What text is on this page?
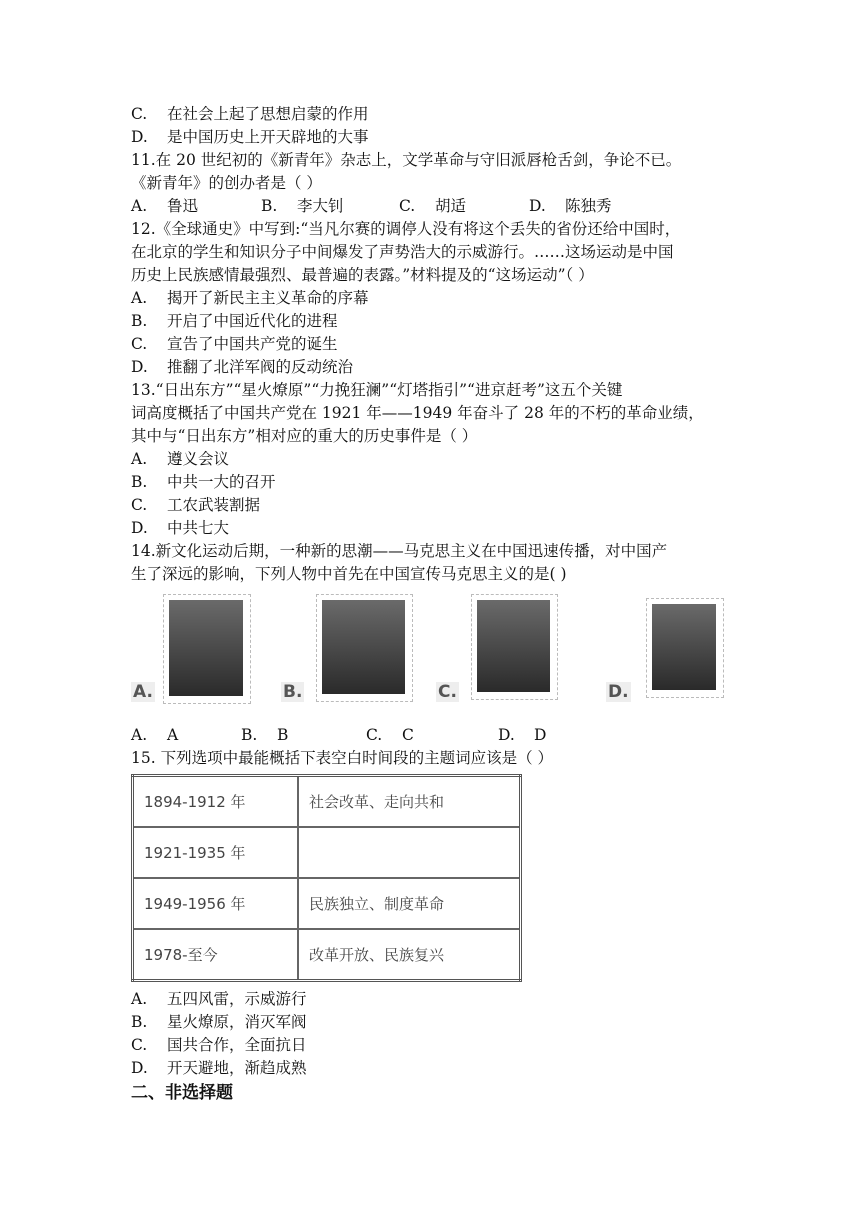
C.	在社会上起了思想启蒙的作用
D.	是中国历史上开天辟地的大事
11.在 20 世纪初的《新青年》杂志上，文学革命与守旧派唇枪舌剑，争论不已。
《新青年》的创办者是（ ）
A.	鲁迅	B.	李大钊	C.	胡适	D.	陈独秀
12.《全球通史》中写到:“当凡尔赛的调停人没有将这个丢失的省份还给中国时，
在北京的学生和知识分子中间爆发了声势浩大的示威游行。……这场运动是中国
历史上民族感情最强烈、最普遍的表露。”材料提及的“这场运动”（ ）
A.	揭开了新民主主义革命的序幕
B.	开启了中国近代化的进程
C.	宣告了中国共产党的诞生
D.	推翻了北洋军阀的反动统治
13.“日出东方”“星火燎原”“力挽狂澜”“灯塔指引”“进京赶考”这五个关键
词高度概括了中国共产党在 1921 年——1949 年奋斗了 28 年的不朽的革命业绩，
其中与“日出东方”相对应的重大的历史事件是（ ）
A.	遵义会议
B.	中共一大的召开
C.	工农武装割据
D.	中共七大
14.新文化运动后期，一种新的思潮——马克思主义在中国迅速传播，对中国产
生了深远的影响，下列人物中首先在中国宣传马克思主义的是( )
A.	B.	C.	D.
A.	A	B.	B	C.	C	D.	D
15. 下列选项中最能概括下表空白时间段的主题词应该是（ ）
1894-1912 年	社会改革、走向共和
1921-1935 年	
1949-1956 年	民族独立、制度革命
1978-至今	改革开放、民族复兴
A.	五四风雷，示威游行
B.	星火燎原，消灭军阀
C.	国共合作，全面抗日
D.	开天避地，渐趋成熟
二、非选择题
